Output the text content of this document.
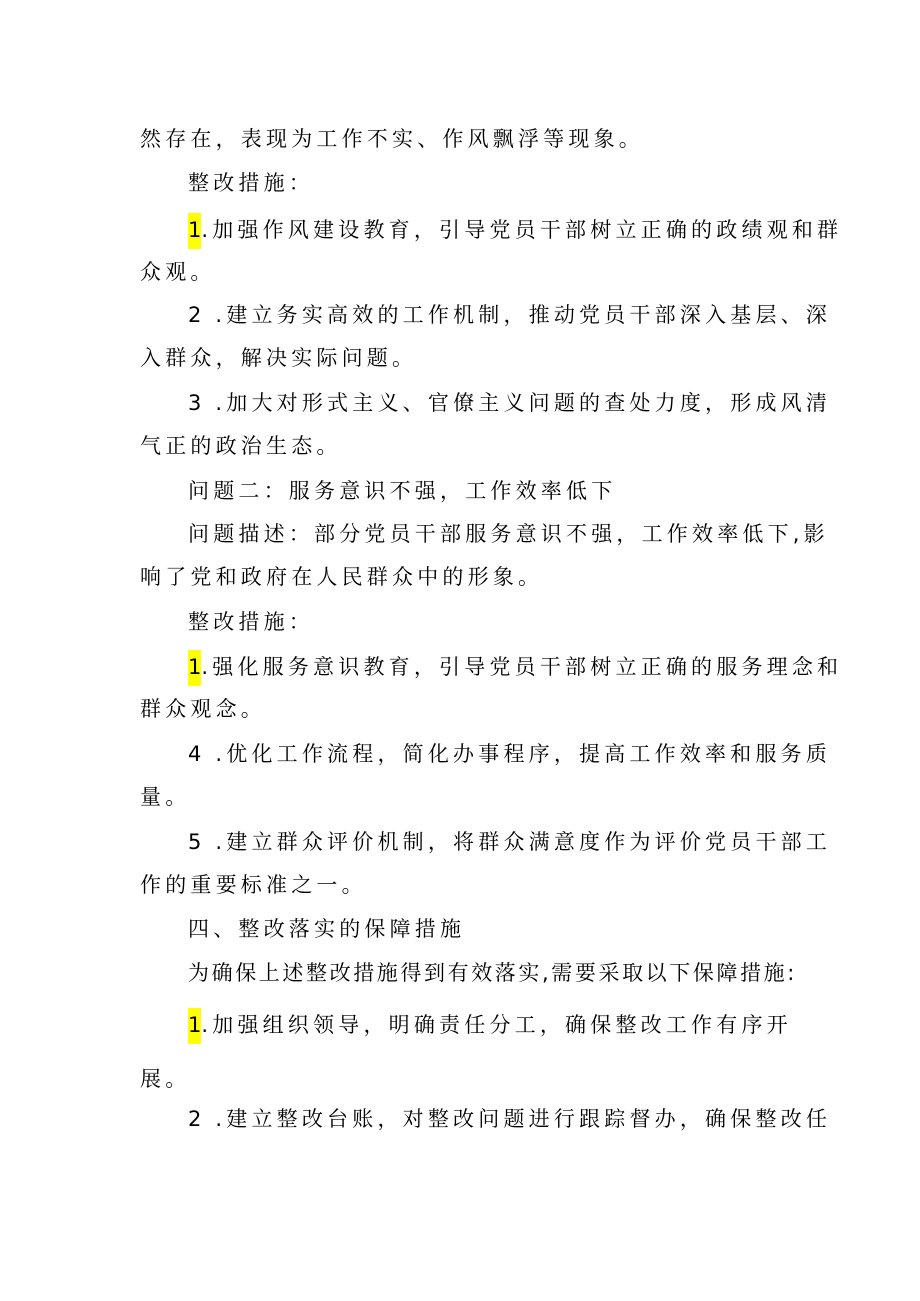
然存在，表现为工作不实、作风飘浮等现象。
整改措施：
1.加强作风建设教育，引导党员干部树立正确的政绩观和群
众观。
2 .建立务实高效的工作机制，推动党员干部深入基层、深
入群众，解决实际问题。
3 .加大对形式主义、官僚主义问题的查处力度，形成风清
气正的政治生态。
问题二：服务意识不强，工作效率低下
问题描述：部分党员干部服务意识不强，工作效率低下,影
响了党和政府在人民群众中的形象。
整改措施：
1.强化服务意识教育，引导党员干部树立正确的服务理念和
群众观念。
4 .优化工作流程，简化办事程序，提高工作效率和服务质
量。
5 .建立群众评价机制，将群众满意度作为评价党员干部工
作的重要标准之一。
四、整改落实的保障措施
为确保上述整改措施得到有效落实,需要采取以下保障措施:
1.加强组织领导，明确责任分工，确保整改工作有序开
展。
2 .建立整改台账，对整改问题进行跟踪督办，确保整改任
